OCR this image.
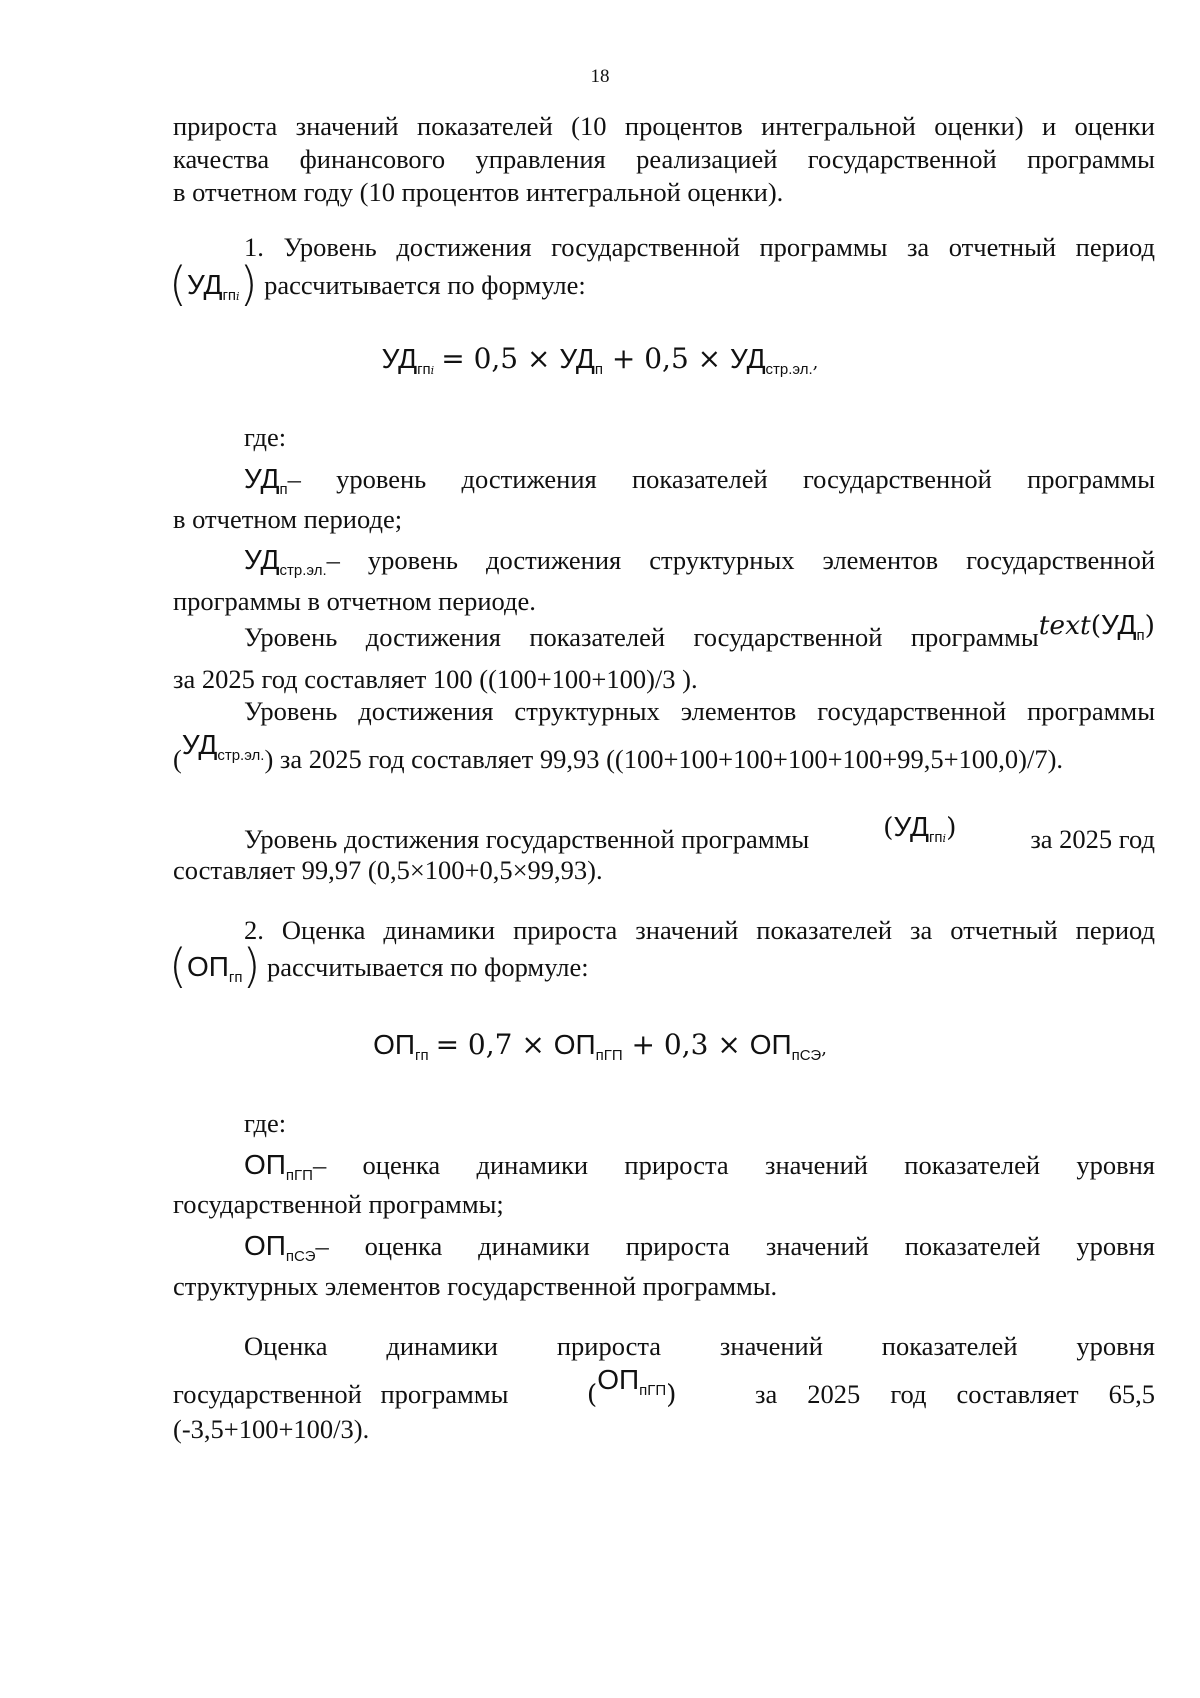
18
прироста значений показателей (10 процентов интегральной оценки) и оценки
качества финансового управления реализацией государственной программы
в отчетном году (10 процентов интегральной оценки).
1. Уровень достижения государственной программы за отчетный период
$(УД_{гпi})$ рассчитывается по формуле:
$УД_{гпi} = 0,5 \times УД_п + 0,5 \times УД_{стр.эл.}$,
где:
$УД_п$ – уровень достижения показателей государственной программы
в отчетном периоде;
$УД_{стр.эл.}$ – уровень достижения структурных элементов государственной
программы в отчетном периоде.
Уровень достижения показателей государственной программы $text(УД_п)$
за 2025 год составляет 100 ((100+100+100)/3 ).
Уровень достижения структурных элементов государственной программы
$(УД_{стр.эл.})$ за 2025 год составляет 99,93 ((100+100+100+100+100+99,5+100,0)/7).
Уровень достижения государственной программы	$(УД_{гпi})$	за 2025 год
составляет 99,97 (0,5×100+0,5×99,93).
2. Оценка динамики прироста значений показателей за отчетный период
$(ОП_{гп})$ рассчитывается по формуле:
$ОП_{гп} = 0,7 \times ОП_{пГП} + 0,3 \times ОП_{пСЭ}$,
где:
$ОП_{пГП}$ – оценка динамики прироста значений показателей уровня
государственной программы;
$ОП_{пСЭ}$ – оценка динамики прироста значений показателей уровня
структурных элементов государственной программы.
Оценка динамики прироста значений показателей уровня
государственной программы	$(ОП_{пГП})$	за 2025 год составляет 65,5
(-3,5+100+100/3).
